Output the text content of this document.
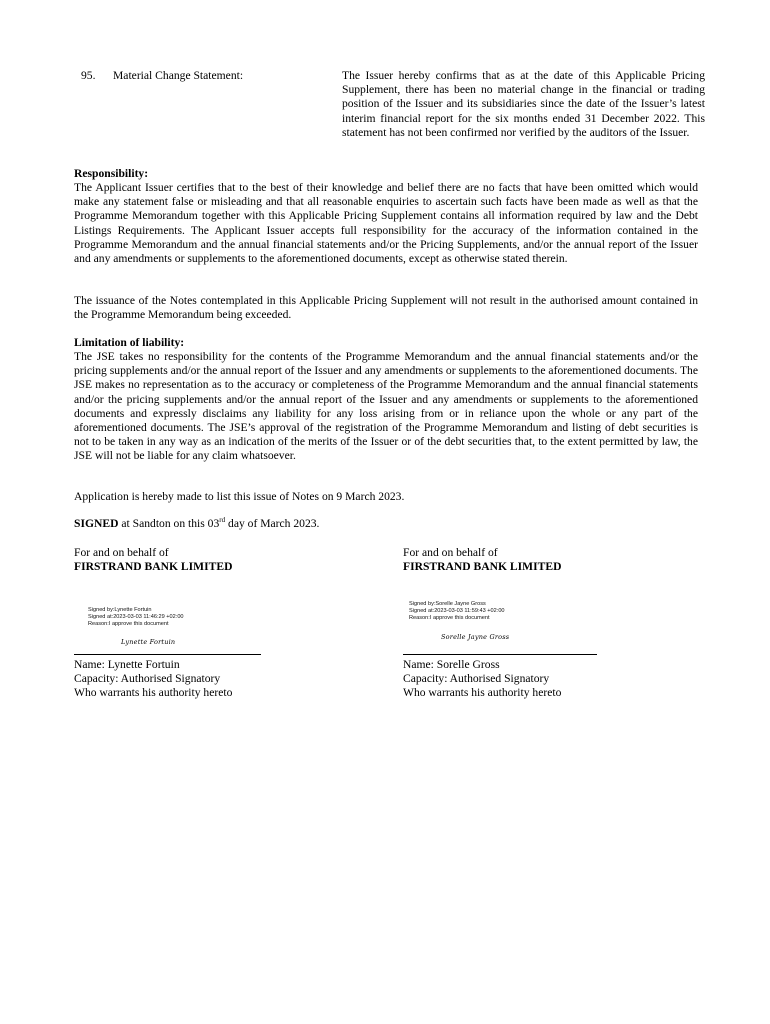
95. Material Change Statement:	The Issuer hereby confirms that as at the date of this Applicable Pricing Supplement, there has been no material change in the financial or trading position of the Issuer and its subsidiaries since the date of the Issuer’s latest interim financial report for the six months ended 31 December 2022. This statement has not been confirmed nor verified by the auditors of the Issuer.
Responsibility:
The Applicant Issuer certifies that to the best of their knowledge and belief there are no facts that have been omitted which would make any statement false or misleading and that all reasonable enquiries to ascertain such facts have been made as well as that the Programme Memorandum together with this Applicable Pricing Supplement contains all information required by law and the Debt Listings Requirements. The Applicant Issuer accepts full responsibility for the accuracy of the information contained in the Programme Memorandum and the annual financial statements and/or the Pricing Supplements, and/or the annual report of the Issuer and any amendments or supplements to the aforementioned documents, except as otherwise stated therein.
The issuance of the Notes contemplated in this Applicable Pricing Supplement will not result in the authorised amount contained in the Programme Memorandum being exceeded.
Limitation of liability:
The JSE takes no responsibility for the contents of the Programme Memorandum and the annual financial statements and/or the pricing supplements and/or the annual report of the Issuer and any amendments or supplements to the aforementioned documents. The JSE makes no representation as to the accuracy or completeness of the Programme Memorandum and the annual financial statements and/or the pricing supplements and/or the annual report of the Issuer and any amendments or supplements to the aforementioned documents and expressly disclaims any liability for any loss arising from or in reliance upon the whole or any part of the aforementioned documents. The JSE’s approval of the registration of the Programme Memorandum and listing of debt securities is not to be taken in any way as an indication of the merits of the Issuer or of the debt securities that, to the extent permitted by law, the JSE will not be liable for any claim whatsoever.
Application is hereby made to list this issue of Notes on 9 March 2023.
SIGNED at Sandton on this 03rd day of March 2023.
For and on behalf of
FIRSTRAND BANK LIMITED
Signed by:Lynette Fortuin
Signed at:2023-03-03 11:46:29 +02:00
Reason:I approve this document
Lynette Fortuin
Name: Lynette Fortuin
Capacity: Authorised Signatory
Who warrants his authority hereto
For and on behalf of
FIRSTRAND BANK LIMITED
Signed by:Sorelle Jayne Gross
Signed at:2023-03-03 11:59:43 +02:00
Reason:I approve this document
Sorelle Jayne Gross
Name: Sorelle Gross
Capacity: Authorised Signatory
Who warrants his authority hereto
